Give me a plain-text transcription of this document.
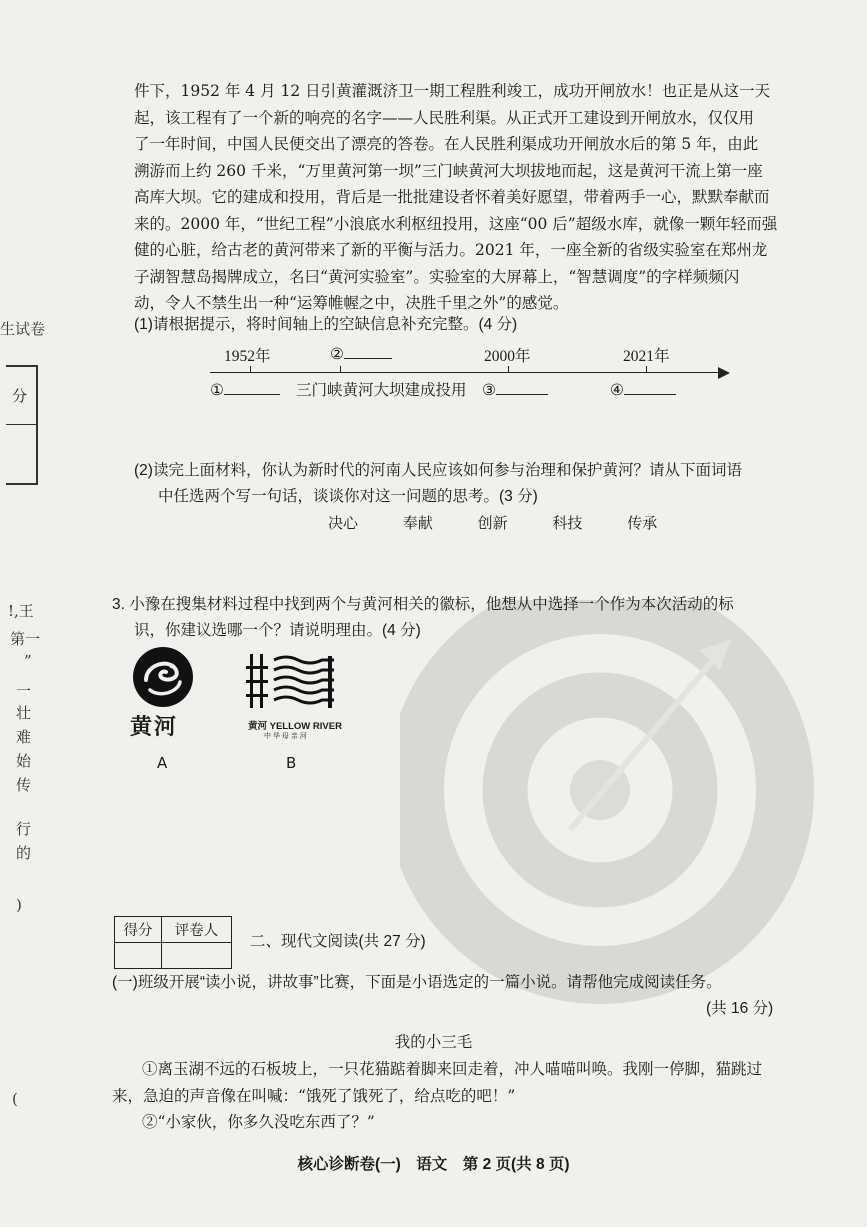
生试卷
分
!,王
第一
”
一
壮
难
始
传
行
的
)
(

件下，1952 年 4 月 12 日引黄灌溉济卫一期工程胜利竣工，成功开闸放水！也正是从这一天

起，该工程有了一个新的响亮的名字——人民胜利渠。从正式开工建设到开闸放水，仅仅用

了一年时间，中国人民便交出了漂亮的答卷。在人民胜利渠成功开闸放水后的第 5 年，由此

溯游而上约 260 千米，“万里黄河第一坝”三门峡黄河大坝拔地而起，这是黄河干流上第一座

高库大坝。它的建成和投用，背后是一批批建设者怀着美好愿望，带着两手一心，默默奉献而

来的。2000 年，“世纪工程”小浪底水利枢纽投用，这座“00 后”超级水库，就像一颗年轻而强

健的心脏，给古老的黄河带来了新的平衡与活力。2021 年，一座全新的省级实验室在郑州龙

子湖智慧岛揭牌成立，名曰“黄河实验室”。实验室的大屏幕上，“智慧调度”的字样频频闪

动，令人不禁生出一种“运筹帷幄之中，决胜千里之外”的感觉。

(1)请根据提示，将时间轴上的空缺信息补充完整。(4 分)
1952年	②	2000年	2021年
①	三门峡黄河大坝建成投用 ③	④
(2)读完上面材料，你认为新时代的河南人民应该如何参与治理和保护黄河？请从下面词语
中任选两个写一句话，谈谈你对这一问题的思考。(3 分)
决心	奉献	创新	科技	传承
3. 小豫在搜集材料过程中找到两个与黄河相关的徽标，他想从中选择一个作为本次活动的标
识，你建议选哪一个？请说明理由。(4 分)
黄河	黄河 YELLOW RIVER
中 华 母 亲 河
A	B
得分	评卷人

二、现代文阅读(共 27 分)
(一)班级开展“读小说，讲故事”比赛，下面是小语选定的一篇小说。请帮他完成阅读任务。
(共 16 分)
我的小三毛

①离玉湖不远的石板坡上，一只花猫踮着脚来回走着，冲人喵喵叫唤。我刚一停脚，猫跳过

来，急迫的声音像在叫喊：“饿死了饿死了，给点吃的吧！”

②“小家伙，你多久没吃东西了？”

核心诊断卷(一)　语文　第 2 页(共 8 页)
